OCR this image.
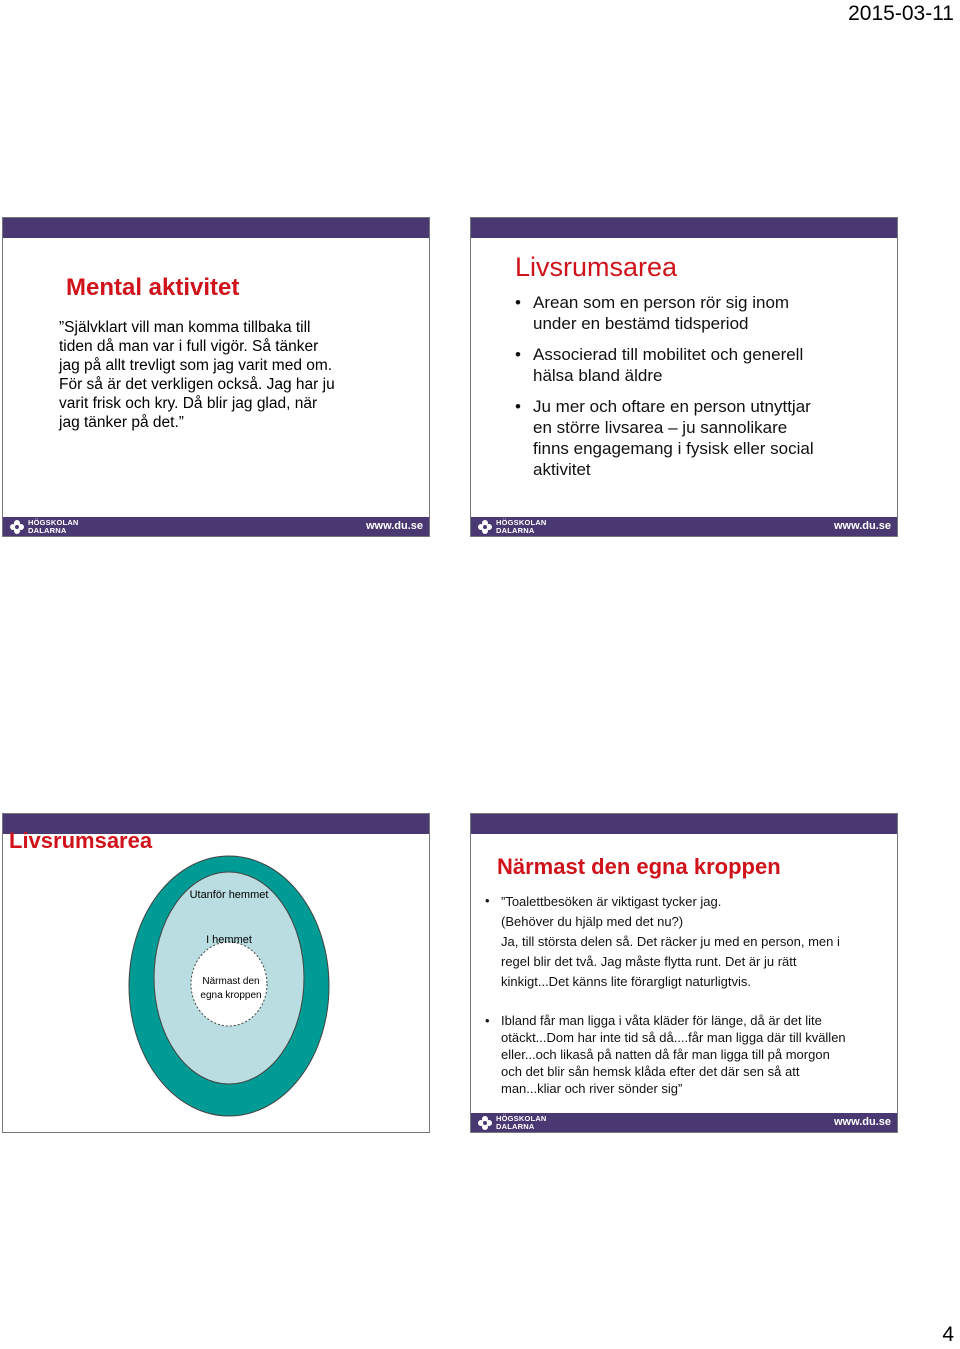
2015-03-11
Mental aktivitet
”Självklart vill man komma tillbaka till
tiden då man var i full vigör. Så tänker
jag på allt trevligt som jag varit med om.
För så är det verkligen också. Jag har ju
varit frisk och kry. Då blir jag glad, när
jag tänker på det.”
HÖGSKOLAN
DALARNA	www.du.se
Livsrumsarea
• Arean som en person rör sig inom
under en bestämd tidsperiod
• Associerad till mobilitet och generell
hälsa bland äldre
• Ju mer och oftare en person utnyttjar
en större livsarea – ju sannolikare
finns engagemang i fysisk eller social
aktivitet
HÖGSKOLAN
DALARNA	www.du.se
Livsrumsarea
Utanför hemmet
I hemmet
Närmast den
egna kroppen
Närmast den egna kroppen
• ”Toalettbesöken är viktigast tycker jag.
(Behöver du hjälp med det nu?)
Ja, till största delen så. Det räcker ju med en person, men i
regel blir det två. Jag måste flytta runt. Det är ju rätt
kinkigt...Det känns lite förargligt naturligtvis.
• Ibland får man ligga i våta kläder för länge, då är det lite
otäckt...Dom har inte tid så då....får man ligga där till kvällen
eller...och likaså på natten då får man ligga till på morgon
och det blir sån hemsk klåda efter det där sen så att
man...kliar och river sönder sig”
HÖGSKOLAN
DALARNA	www.du.se
4
